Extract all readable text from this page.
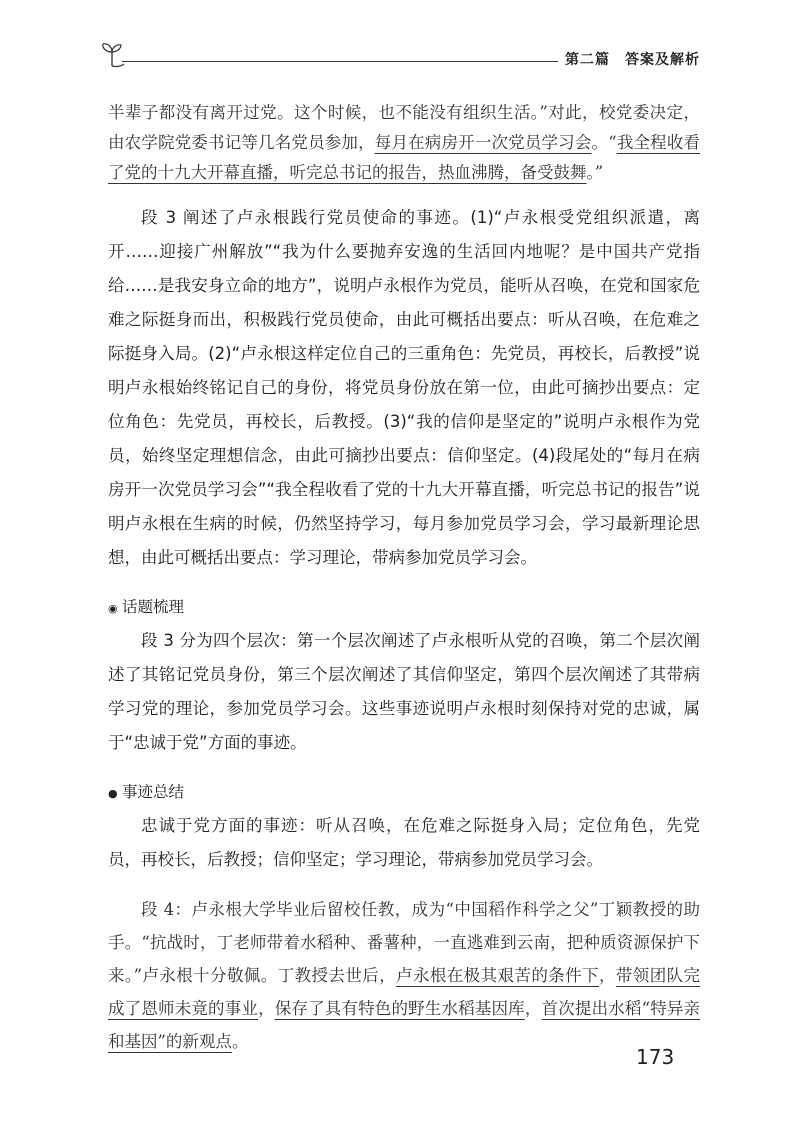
第二篇　答案及解析

半辈子都没有离开过党。这个时候，也不能没有组织生活。”对此，校党委决定，由农学院党委书记等几名党员参加，每月在病房开一次党员学习会。“我全程收看了党的十九大开幕直播，听完总书记的报告，热血沸腾，备受鼓舞。”

段 3 阐述了卢永根践行党员使命的事迹。(1)“卢永根受党组织派遣，离开……迎接广州解放”“我为什么要抛弃安逸的生活回内地呢？是中国共产党指给……是我安身立命的地方”，说明卢永根作为党员，能听从召唤，在党和国家危难之际挺身而出，积极践行党员使命，由此可概括出要点：听从召唤，在危难之际挺身入局。(2)“卢永根这样定位自己的三重角色：先党员，再校长，后教授”说明卢永根始终铭记自己的身份，将党员身份放在第一位，由此可摘抄出要点：定位角色：先党员，再校长，后教授。(3)“我的信仰是坚定的”说明卢永根作为党员，始终坚定理想信念，由此可摘抄出要点：信仰坚定。(4)段尾处的“每月在病房开一次党员学习会”“我全程收看了党的十九大开幕直播，听完总书记的报告”说明卢永根在生病的时候，仍然坚持学习，每月参加党员学习会，学习最新理论思想，由此可概括出要点：学习理论，带病参加党员学习会。

◉ 话题梳理

段 3 分为四个层次：第一个层次阐述了卢永根听从党的召唤，第二个层次阐述了其铭记党员身份，第三个层次阐述了其信仰坚定，第四个层次阐述了其带病学习党的理论，参加党员学习会。这些事迹说明卢永根时刻保持对党的忠诚，属于“忠诚于党”方面的事迹。

● 事迹总结

忠诚于党方面的事迹：听从召唤，在危难之际挺身入局；定位角色，先党员，再校长，后教授；信仰坚定；学习理论，带病参加党员学习会。

段 4：卢永根大学毕业后留校任教，成为“中国稻作科学之父”丁颖教授的助手。“抗战时，丁老师带着水稻种、番薯种，一直逃难到云南，把种质资源保护下来。”卢永根十分敬佩。丁教授去世后，卢永根在极其艰苦的条件下，带领团队完成了恩师未竟的事业，保存了具有特色的野生水稻基因库，首次提出水稻“特异亲和基因”的新观点。

173
